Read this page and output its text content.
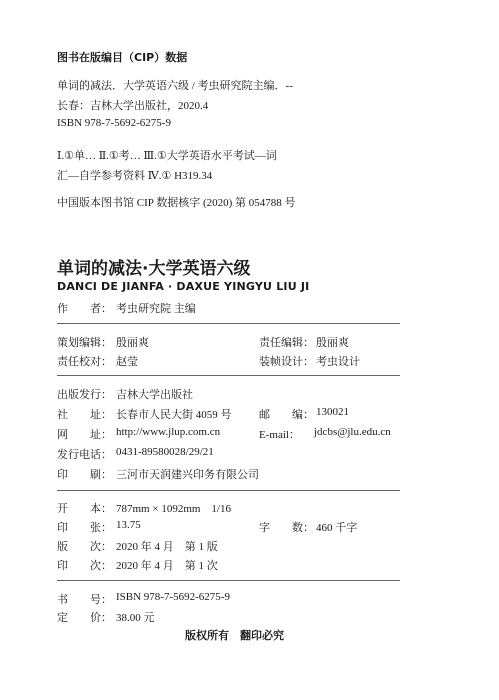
图书在版编目（CIP）数据
单词的减法．大学英语六级 / 考虫研究院主编．--
长春：吉林大学出版社，2020.4
ISBN 978-7-5692-6275-9
Ⅰ.①单… Ⅱ.①考… Ⅲ.①大学英语水平考试—词
汇—自学参考资料 Ⅳ.① H319.34
中国版本图书馆 CIP 数据核字 (2020) 第 054788 号
单词的减法·大学英语六级
DANCI DE JIANFA · DAXUE YINGYU LIU JI
作　　者： 考虫研究院 主编
策划编辑： 殷丽爽	责任编辑： 殷丽爽
责任校对： 赵莹	装帧设计： 考虫设计
出版发行： 吉林大学出版社
社　　址： 长春市人民大街 4059 号	邮　　编： 130021
网　　址： http://www.jlup.com.cn	E-mail： jdcbs@jlu.edu.cn
发行电话： 0431-89580028/29/21
印　　刷： 三河市天润建兴印务有限公司
开　　本： 787mm × 1092mm　1/16
印　　张： 13.75	字　　数： 460 千字
版　　次： 2020 年 4 月　第 1 版
印　　次： 2020 年 4 月　第 1 次
书　　号： ISBN 978-7-5692-6275-9
定　　价： 38.00 元
版权所有　翻印必究
